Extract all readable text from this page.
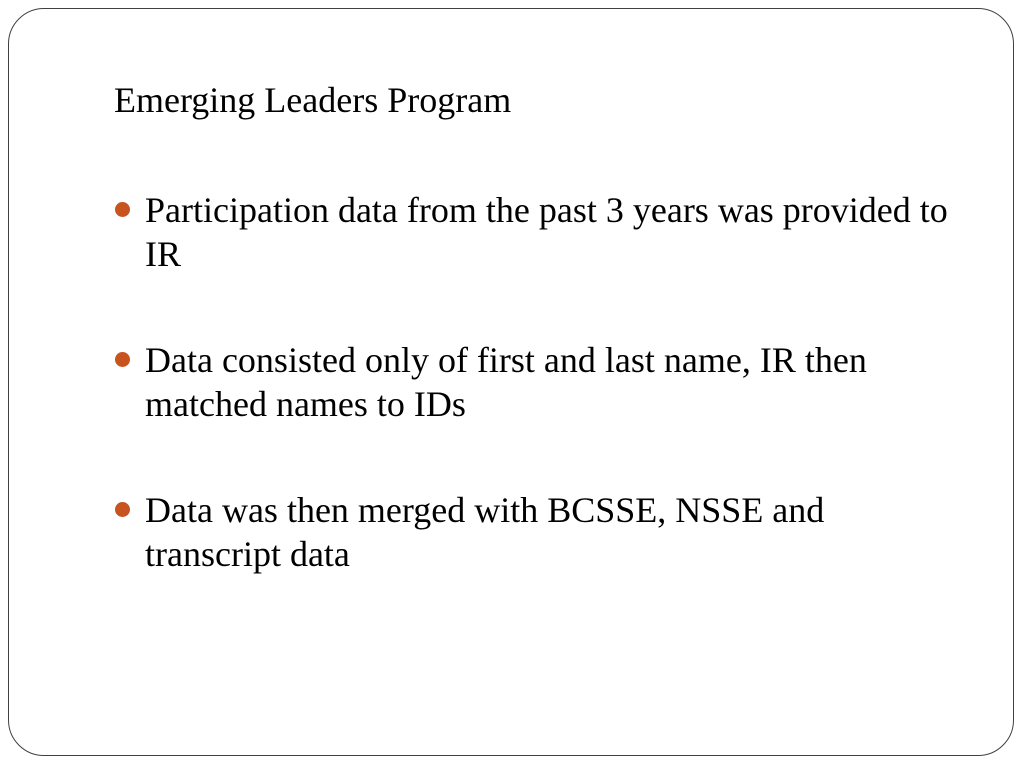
Emerging Leaders Program
Participation data from the past 3 years was provided to IR
Data consisted only of first and last name, IR then matched names to IDs
Data was then merged with BCSSE, NSSE and transcript data
